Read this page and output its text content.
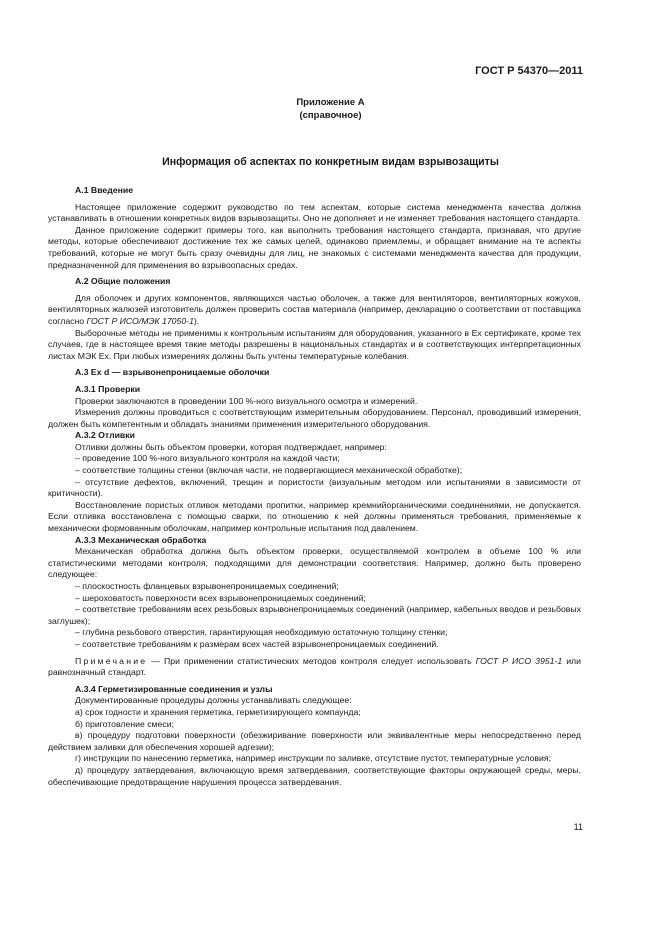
ГОСТ Р 54370—2011
Приложение А
(справочное)
Информация об аспектах по конкретным видам взрывозащиты

А.1 Введение

Настоящее приложение содержит руководство по тем аспектам, которые система менеджмента качества должна устанавливать в отношении конкретных видов взрывозащиты. Оно не дополняет и не изменяет требования настоящего стандарта.

Данное приложение содержит примеры того, как выполнить требования настоящего стандарта, признавая, что другие методы, которые обеспечивают достижение тех же самых целей, одинаково приемлемы, и обращает внимание на те аспекты требований, которые не могут быть сразу очевидны для лиц, не знакомых с системами менеджмента качества для продукции, предназначенной для применения во взрывоопасных средах.

А.2 Общие положения

Для оболочек и других компонентов, являющихся частью оболочек, а также для вентиляторов, вентиляторных кожухов, вентиляторных жалюзей изготовитель должен проверить состав материала (например, декларацию о соответствии от поставщика согласно ГОСТ Р ИСО/МЭК 17050-1).

Выборочные методы не применимы к контрольным испытаниям для оборудования, указанного в Ех сертификате, кроме тех случаев, где в настоящее время такие методы разрешены в национальных стандартах и в соответствующих интерпретационных листах МЭК Ех. При любых измерениях должны быть учтены температурные колебания.

А.3 Ex d — взрывонепроницаемые оболочки

А.3.1 Проверки

Проверки заключаются в проведении 100 %-ного визуального осмотра и измерений.

Измерения должны проводиться с соответствующим измерительным оборудованием. Персонал, проводивший измерения, должен быть компетентным и обладать знаниями применения измерительного оборудования.

А.3.2 Отливки

Отливки должны быть объектом проверки, которая подтверждает, например:

– проведение 100 %-ного визуального контроля на каждой части;

– соответствие толщины стенки (включая части, не подвергающиеся механической обработке);

– отсутствие дефектов, включений, трещин и пористости (визуальным методом или испытаниями в зависимости от критичности).

Восстановление пористых отливок методами пропитки, например кремнийорганическими соединениями, не допускается. Если отливка восстановлена с помощью сварки, по отношению к ней должны применяться требования, применяемые к механически формованным оболочкам, например контрольные испытания под давлением.

А.3.3 Механическая обработка

Механическая обработка должна быть объектом проверки, осуществляемой контролем в объеме 100 % или статистическими методами контроля, подходящими для демонстрации соответствия. Например, должно быть проверено следующее:

– плоскостность фланцевых взрывонепроницаемых соединений;

– шероховатость поверхности всех взрывонепроницаемых соединений;

– соответствие требованиям всех резьбовых взрывонепроницаемых соединений (например, кабельных вводов и резьбовых заглушек);

– глубина резьбового отверстия, гарантирующая необходимую остаточную толщину стенки;

– соответствие требованиям к размерам всех частей взрывонепроницаемых соединений.

Примечание — При применении статистических методов контроля следует использовать ГОСТ Р ИСО 3951-1 или равнозначный стандарт.

А.3.4 Герметизированные соединения и узлы

Документированные процедуры должны устанавливать следующее:

а) срок годности и хранения герметика, герметизирующего компаунда;

б) приготовление смеси;

в) процедуру подготовки поверхности (обезжиривание поверхности или эквивалентные меры непосредственно перед действием заливки для обеспечения хорошей адгезии);

г) инструкции по нанесению герметика, например инструкции по заливке, отсутствие пустот, температурные условия;

д) процедуру затвердевания, включающую время затвердевания, соответствующие факторы окружающей среды, меры, обеспечивающие предотвращение нарушения процесса затвердевания.

11
